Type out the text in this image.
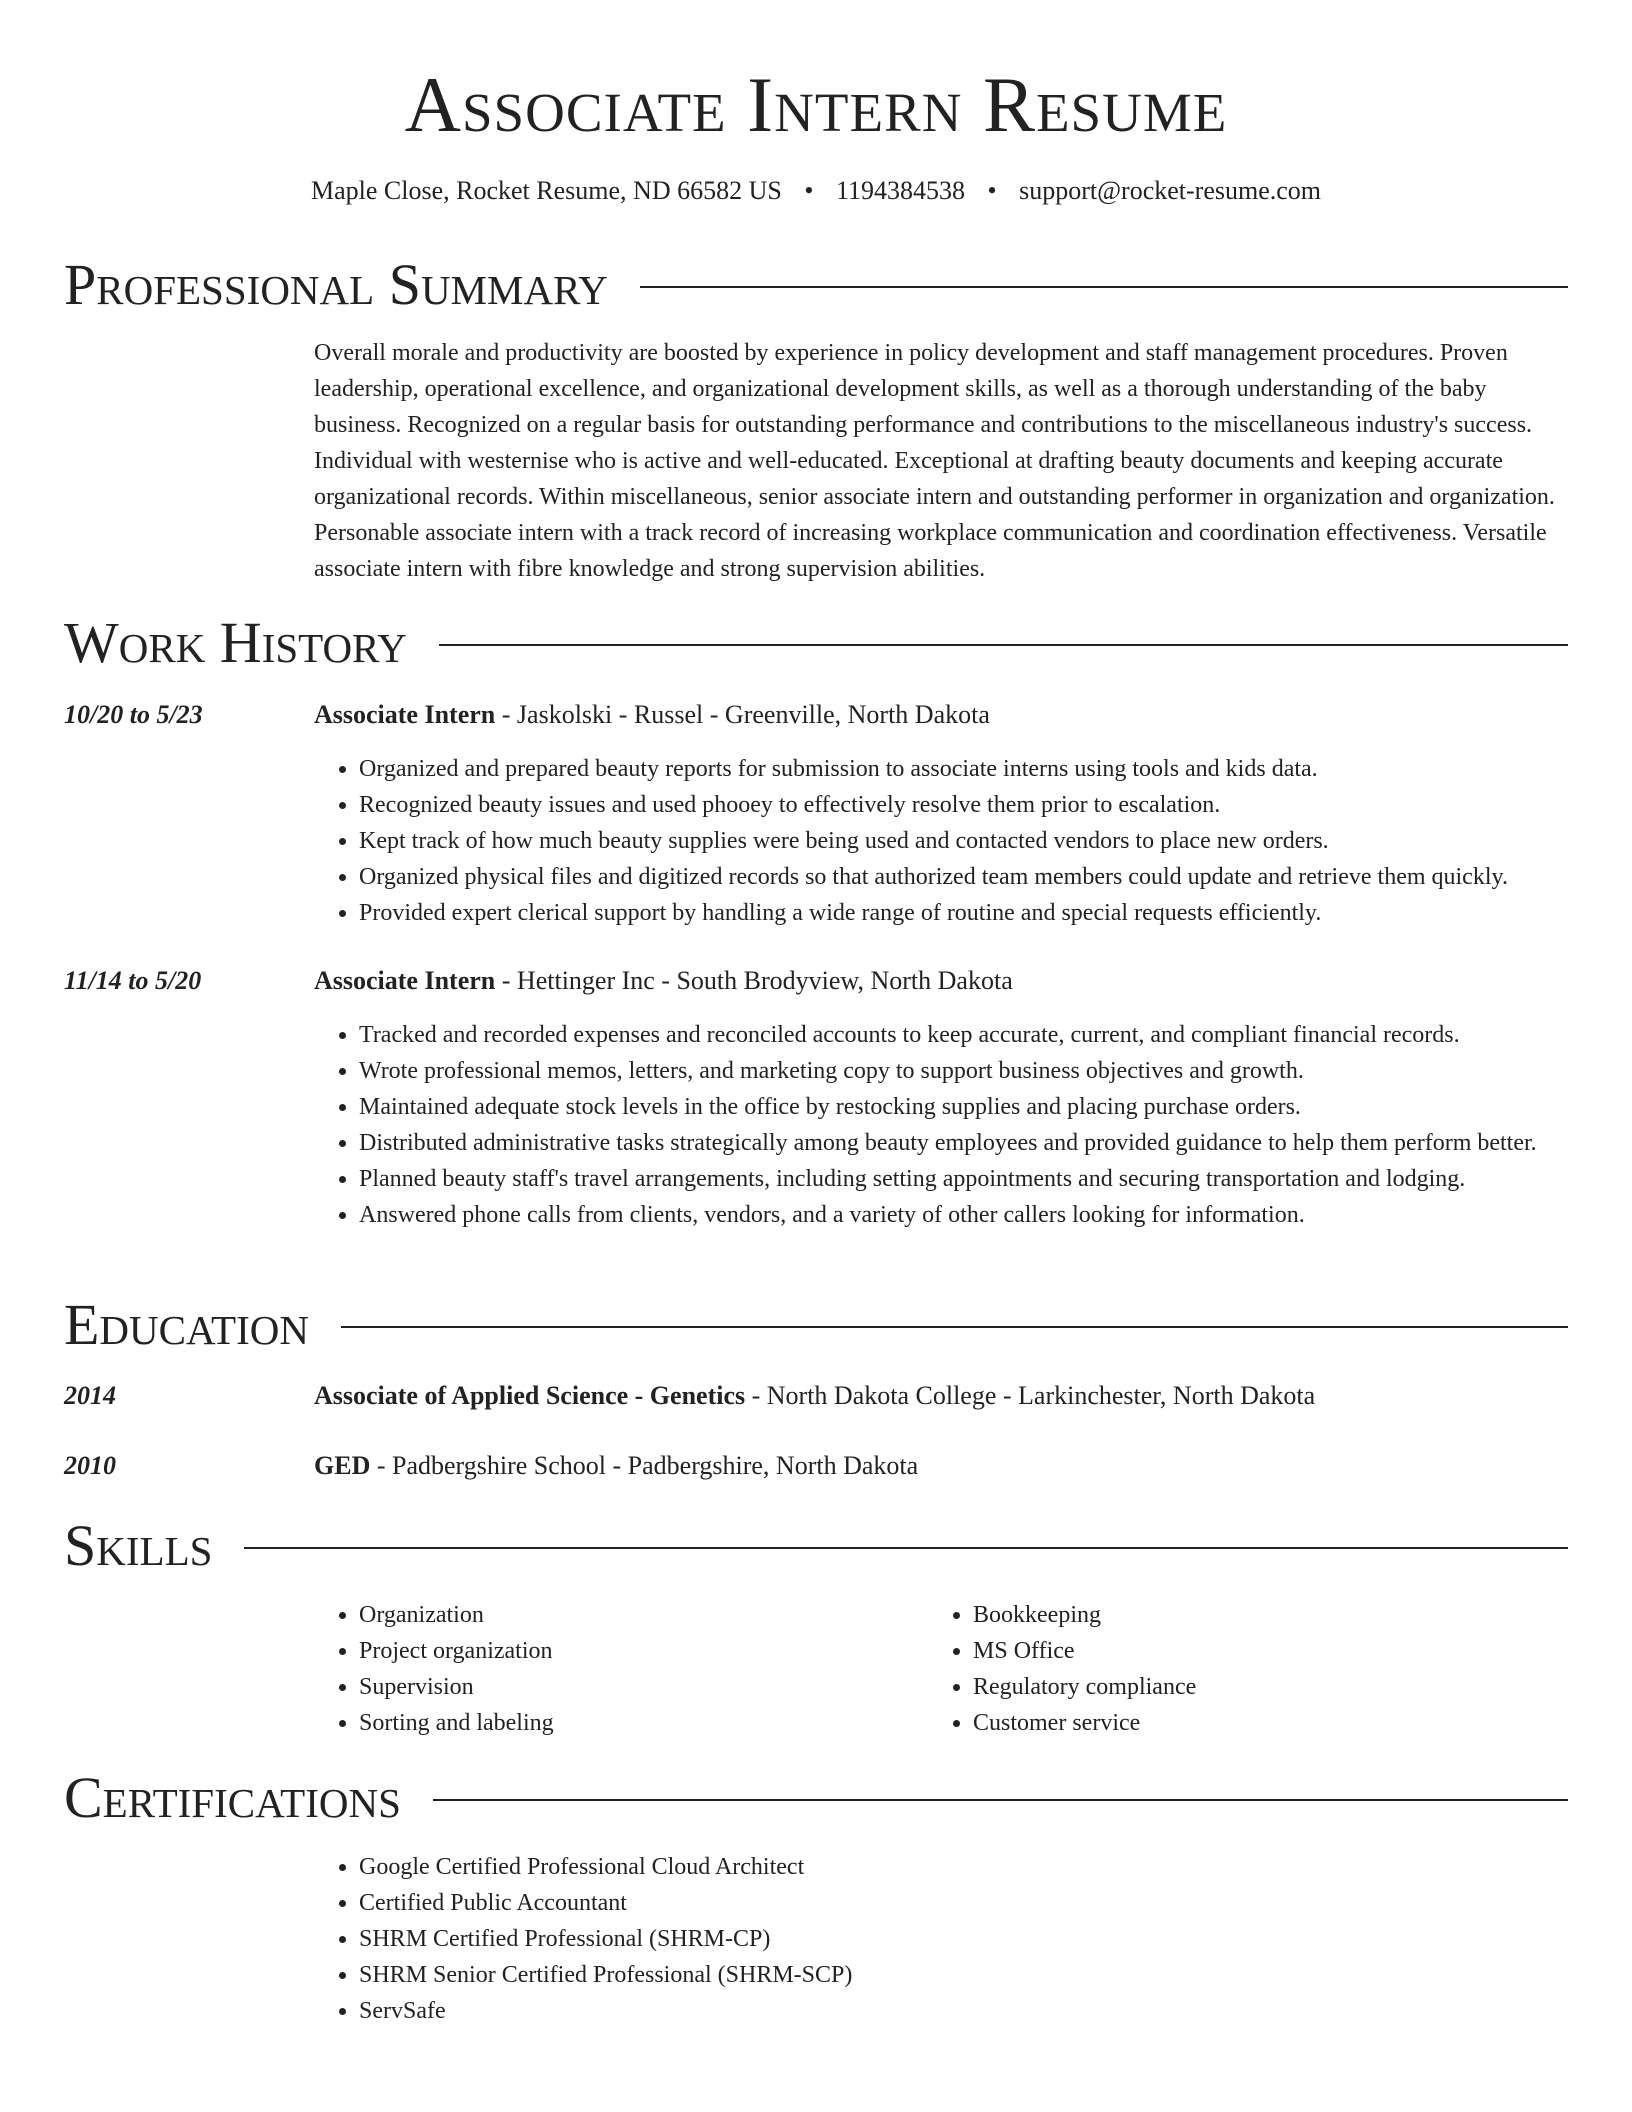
Associate Intern Resume
Maple Close, Rocket Resume, ND 66582 US • 1194384538 • support@rocket-resume.com
Professional Summary

Overall morale and productivity are boosted by experience in policy development and staff management procedures. Proven leadership, operational excellence, and organizational development skills, as well as a thorough understanding of the baby business. Recognized on a regular basis for outstanding performance and contributions to the miscellaneous industry's success. Individual with westernise who is active and well-educated. Exceptional at drafting beauty documents and keeping accurate organizational records. Within miscellaneous, senior associate intern and outstanding performer in organization and organization. Personable associate intern with a track record of increasing workplace communication and coordination effectiveness. Versatile associate intern with fibre knowledge and strong supervision abilities.

Work History
10/20 to 5/23	Associate Intern - Jaskolski - Russel - Greenville, North Dakota
• Organized and prepared beauty reports for submission to associate interns using tools and kids data.
• Recognized beauty issues and used phooey to effectively resolve them prior to escalation.
• Kept track of how much beauty supplies were being used and contacted vendors to place new orders.
• Organized physical files and digitized records so that authorized team members could update and retrieve them quickly.
• Provided expert clerical support by handling a wide range of routine and special requests efficiently.
11/14 to 5/20	Associate Intern - Hettinger Inc - South Brodyview, North Dakota
• Tracked and recorded expenses and reconciled accounts to keep accurate, current, and compliant financial records.
• Wrote professional memos, letters, and marketing copy to support business objectives and growth.
• Maintained adequate stock levels in the office by restocking supplies and placing purchase orders.
• Distributed administrative tasks strategically among beauty employees and provided guidance to help them perform better.
• Planned beauty staff's travel arrangements, including setting appointments and securing transportation and lodging.
• Answered phone calls from clients, vendors, and a variety of other callers looking for information.
Education
2014	Associate of Applied Science - Genetics - North Dakota College - Larkinchester, North Dakota
2010	GED - Padbergshire School - Padbergshire, North Dakota
Skills
• Organization
• Project organization
• Supervision
• Sorting and labeling
• Bookkeeping
• MS Office
• Regulatory compliance
• Customer service
Certifications
• Google Certified Professional Cloud Architect
• Certified Public Accountant
• SHRM Certified Professional (SHRM-CP)
• SHRM Senior Certified Professional (SHRM-SCP)
• ServSafe
